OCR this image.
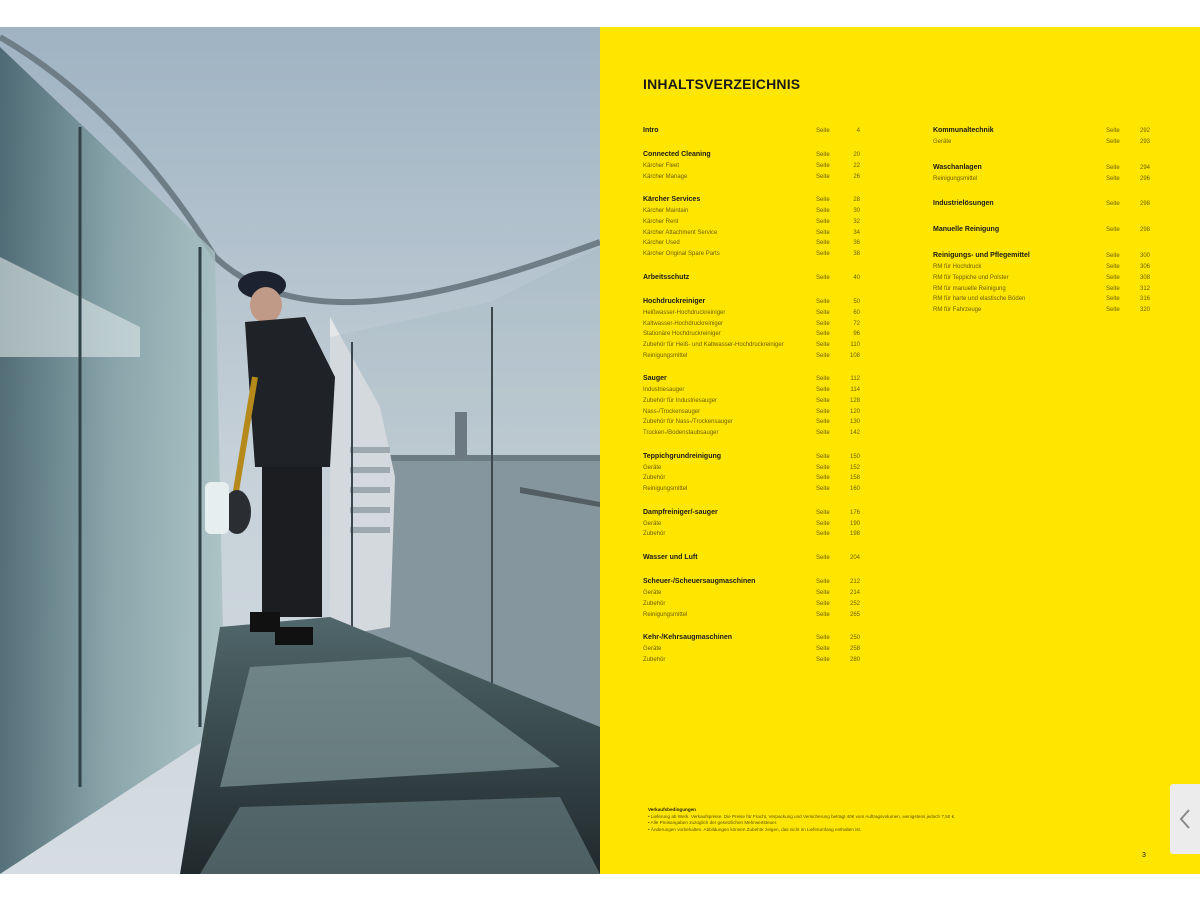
INHALTSVERZEICHNIS
Intro	Seite	4
Connected Cleaning	Seite	20
Kärcher Fleet	Seite	22
Kärcher Manage	Seite	26
Kärcher Services	Seite	28
Kärcher Maintain	Seite	30
Kärcher Rent	Seite	32
Kärcher Attachment Service	Seite	34
Kärcher Used	Seite	36
Kärcher Original Spare Parts	Seite	38
Arbeitsschutz	Seite	40
Hochdruckreiniger	Seite	50
Heißwasser-Hochdruckreiniger	Seite	60
Kaltwasser-Hochdruckreiniger	Seite	72
Stationäre Hochdruckreiniger	Seite	96
Zubehör für Heiß- und Kaltwasser-Hochdruckreiniger	Seite	110
Reinigungsmittel	Seite	108
Sauger	Seite	112
Industriesauger	Seite	114
Zubehör für Industriesauger	Seite	128
Nass-/Trockensauger	Seite	120
Zubehör für Nass-/Trockensauger	Seite	130
Trocken-/Bodenstaubsauger	Seite	142
Teppichgrundreinigung	Seite	150
Geräte	Seite	152
Zubehör	Seite	158
Reinigungsmittel	Seite	160
Dampfreiniger/-sauger	Seite	176
Geräte	Seite	190
Zubehör	Seite	198
Wasser und Luft	Seite	204
Scheuer-/Scheuersaugmaschinen	Seite	212
Geräte	Seite	214
Zubehör	Seite	252
Reinigungsmittel	Seite	265
Kehr-/Kehrsaugmaschinen	Seite	250
Geräte	Seite	258
Zubehör	Seite	280
Kommunaltechnik	Seite	292
Geräte	Seite	293
Waschanlagen	Seite	294
Reinigungsmittel	Seite	296
Industrielösungen	Seite	298
Manuelle Reinigung	Seite	298
Reinigungs- und Pflegemittel	Seite	300
RM für Hochdruck	Seite	306
RM für Teppiche und Polster	Seite	308
RM für manuelle Reinigung	Seite	312
RM für harte und elastische Böden	Seite	316
RM für Fahrzeuge	Seite	320
Verkaufsbedingungen
• Lieferung ab Werk. Verkaufspreise. Die Preise für Fracht, Verpackung und Versicherung beträgt 40€ vom Auftragsvolumen, wenigstens jedoch 7,50 €.
• Alle Preisangaben zuzüglich der gesetzlichen Mehrwertsteuer.
• Änderungen vorbehalten. Abbildungen können Zubehör zeigen, das nicht im Lieferumfang enthalten ist.
3
